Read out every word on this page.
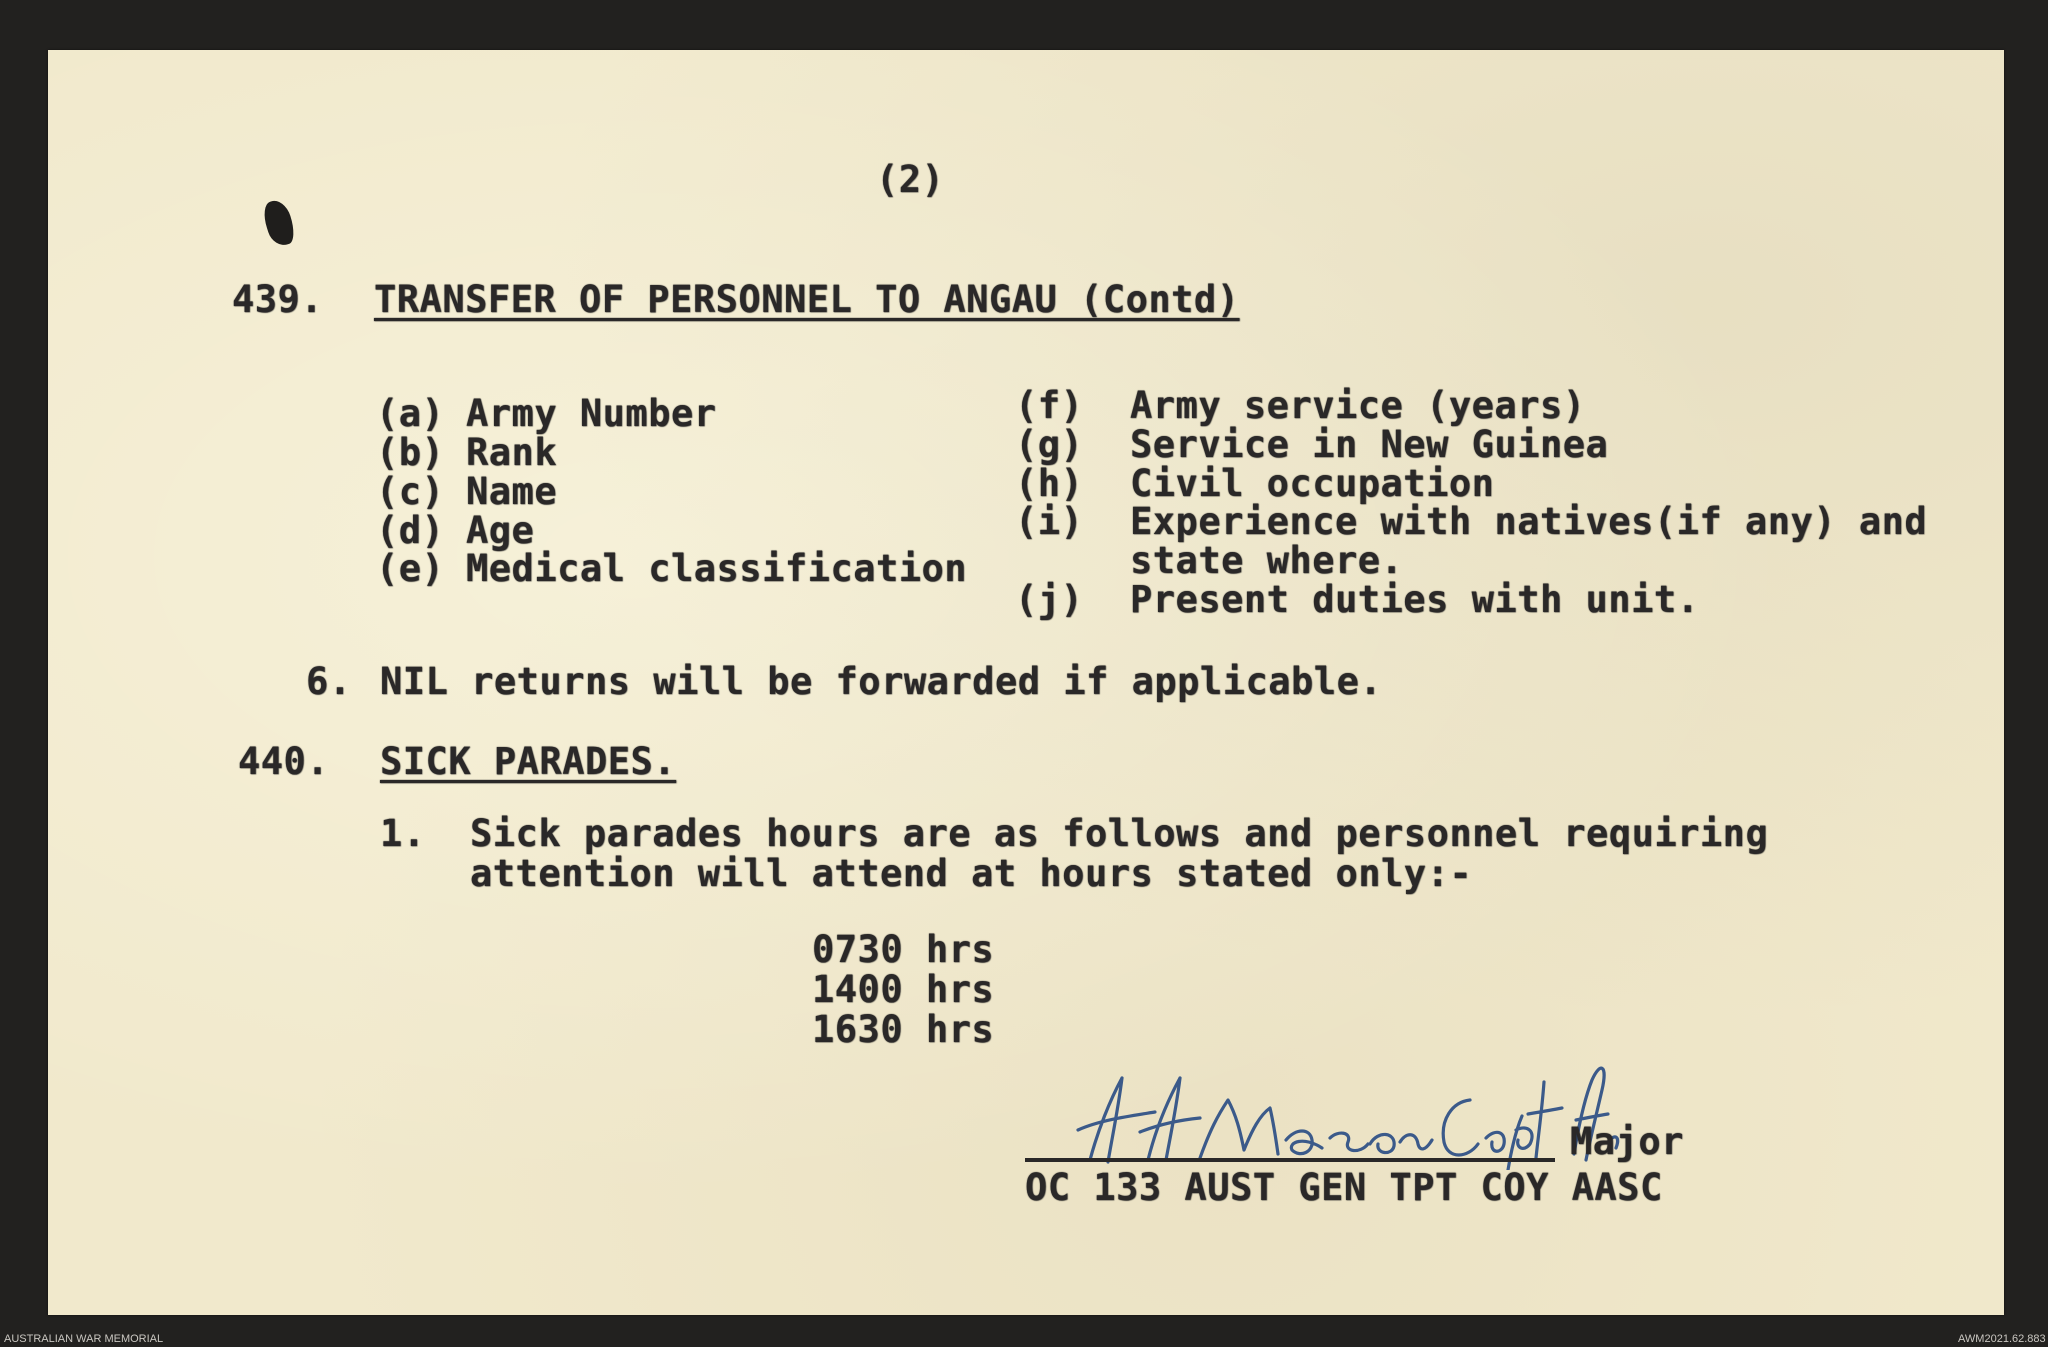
(2)
439. TRANSFER OF PERSONNEL TO ANGAU (Contd)
(a) Army Number
(b) Rank
(c) Name
(d) Age
(e) Medical classification
(f) Army service (years)
(g) Service in New Guinea
(h) Civil occupation
(i) Experience with natives(if any) and
state where.
(j) Present duties with unit.
6. NIL returns will be forwarded if applicable.
440. SICK PARADES.
1. Sick parades hours are as follows and personnel requiring
attention will attend at hours stated only:-
0730 hrs
1400 hrs
1630 hrs
Major
OC 133 AUST GEN TPT COY AASC
AUSTRALIAN WAR MEMORIAL	AWM2021.62.883
